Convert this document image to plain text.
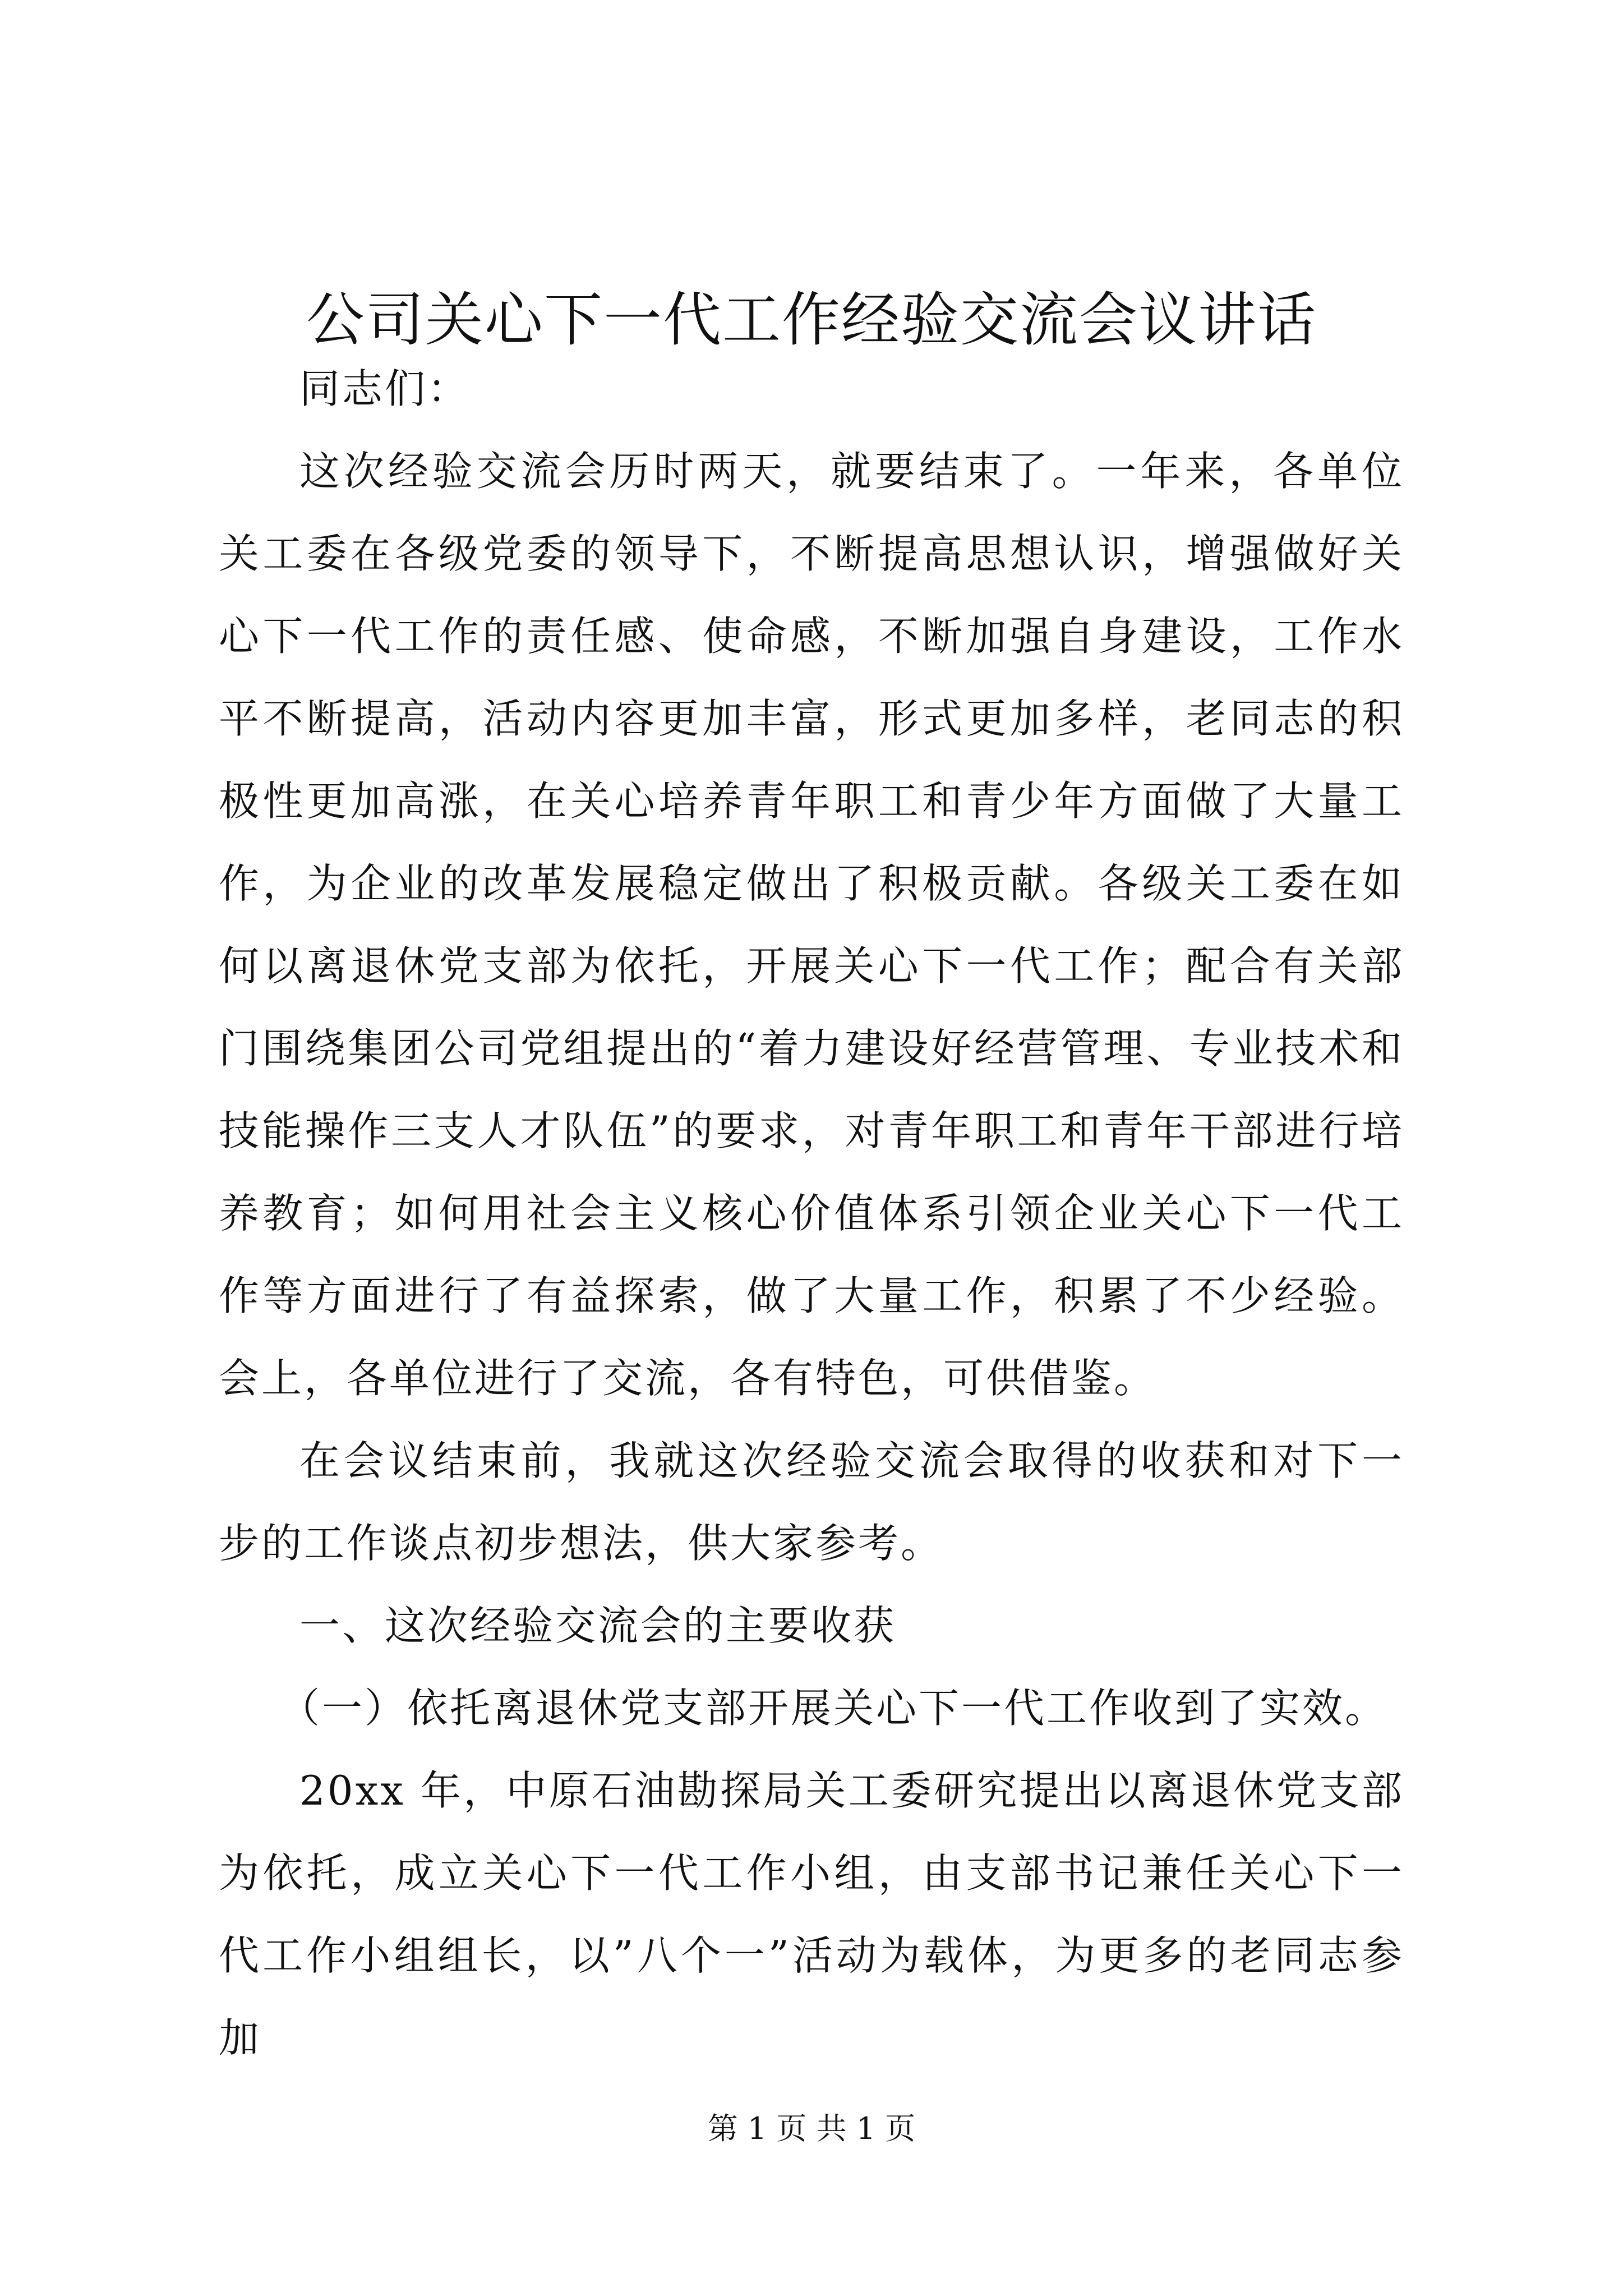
公司关心下一代工作经验交流会议讲话

同志们：

这次经验交流会历时两天，就要结束了。一年来，各单位关工委在各级党委的领导下，不断提高思想认识，增强做好关心下一代工作的责任感、使命感，不断加强自身建设，工作水平不断提高，活动内容更加丰富，形式更加多样，老同志的积极性更加高涨，在关心培养青年职工和青少年方面做了大量工作，为企业的改革发展稳定做出了积极贡献。各级关工委在如何以离退休党支部为依托，开展关心下一代工作；配合有关部门围绕集团公司党组提出的“着力建设好经营管理、专业技术和技能操作三支人才队伍”的要求，对青年职工和青年干部进行培养教育；如何用社会主义核心价值体系引领企业关心下一代工作等方面进行了有益探索，做了大量工作，积累了不少经验。会上，各单位进行了交流，各有特色，可供借鉴。

在会议结束前，我就这次经验交流会取得的收获和对下一步的工作谈点初步想法，供大家参考。

一、这次经验交流会的主要收获

（一）依托离退休党支部开展关心下一代工作收到了实效。

20xx 年，中原石油勘探局关工委研究提出以离退休党支部为依托，成立关心下一代工作小组，由支部书记兼任关心下一代工作小组组长，以”八个一”活动为载体，为更多的老同志参加

第 1 页 共 1 页
